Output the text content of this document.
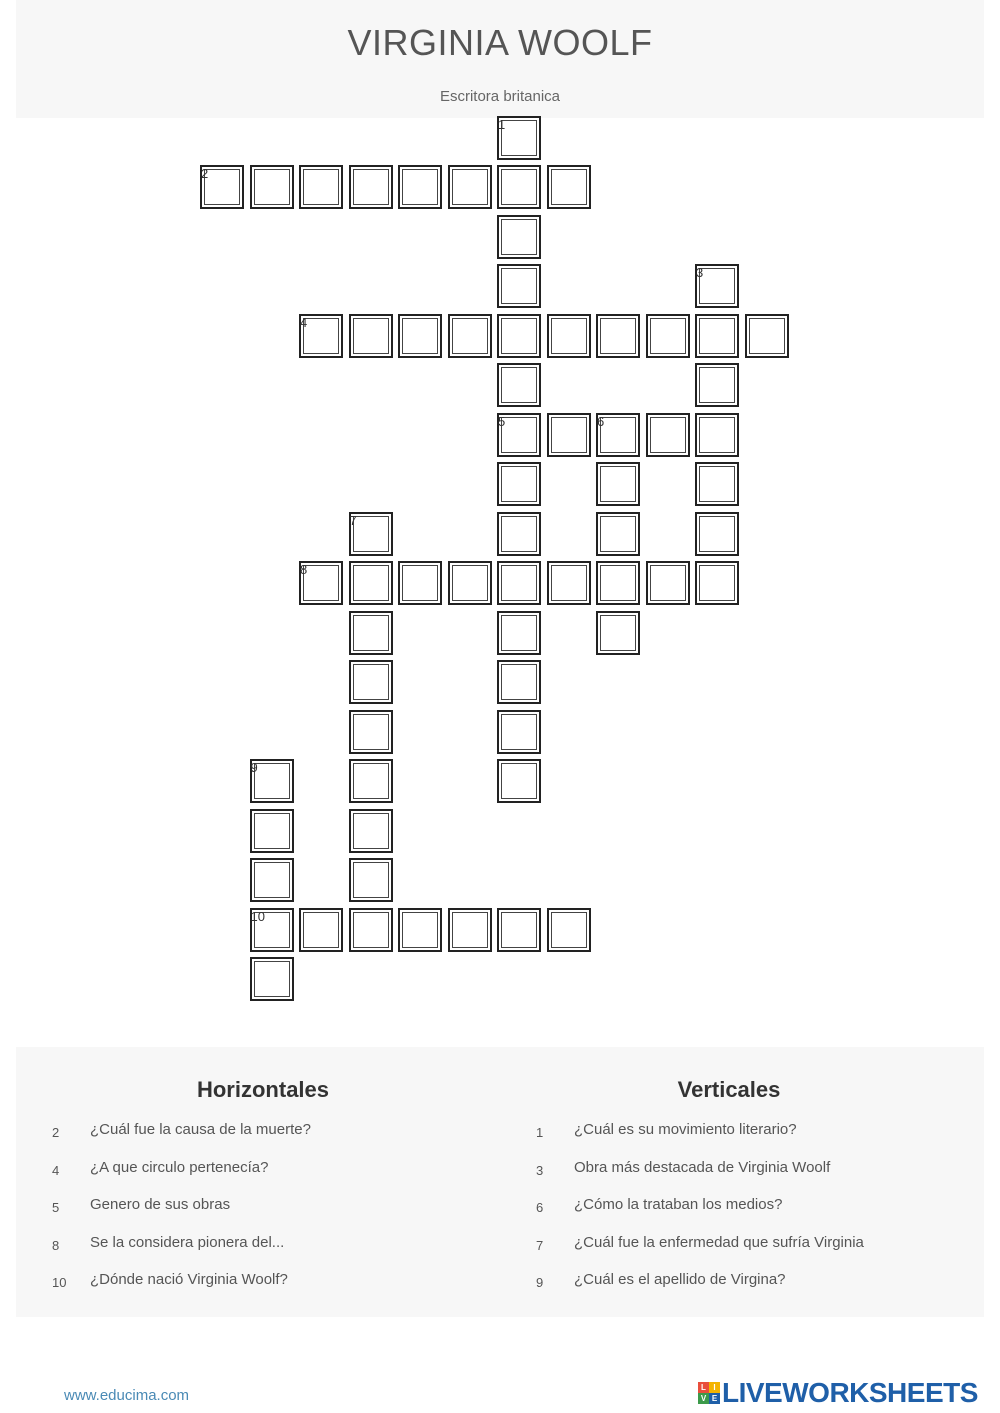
VIRGINIA WOOLF
Escritora britanica
1
2
3
4
5	6
7
8
9
10
Horizontales	Verticales
2 ¿Cuál fue la causa de la muerte?
4 ¿A que circulo pertenecía?
5 Genero de sus obras
8 Se la considera pionera del...
10 ¿Dónde nació Virginia Woolf?
1 ¿Cuál es su movimiento literario?
3 Obra más destacada de Virginia Woolf
6 ¿Cómo la trataban los medios?
7 ¿Cuál fue la enfermedad que sufría Virginia
9 ¿Cuál es el apellido de Virgina?
www.educima.com	L I
V E LIVEWORKSHEETS
